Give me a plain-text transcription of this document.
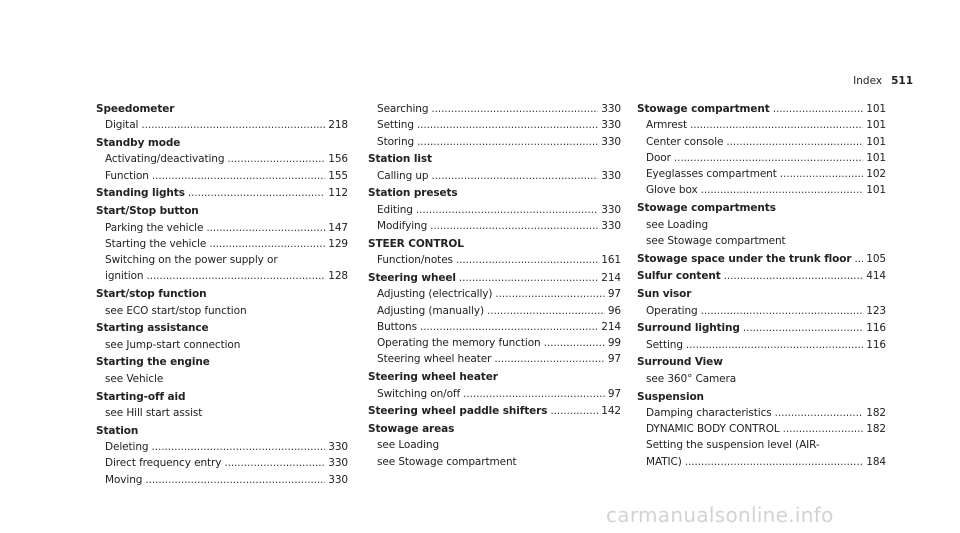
Index 511
Speedometer
Digital .....	218
Standby mode
Activating/deactivating .....	156
Function .....	155
Standing lights .....	112
Start/Stop button
Parking the vehicle .....	147
Starting the vehicle .....	129
Switching on the power supply or
ignition .....	128
Start/stop function
see ECO start/stop function
Starting assistance
see Jump-start connection
Starting the engine
see Vehicle
Starting-off aid
see Hill start assist
Station
Deleting .....	330
Direct frequency entry .....	330
Moving .....	330
Searching .....	330
Setting .....	330
Storing .....	330
Station list
Calling up .....	330
Station presets
Editing .....	330
Modifying .....	330
STEER CONTROL
Function/notes .....	161
Steering wheel .....	214
Adjusting (electrically) .....	97
Adjusting (manually) .....	96
Buttons .....	214
Operating the memory function .....	99
Steering wheel heater .....	97
Steering wheel heater
Switching on/off .....	97
Steering wheel paddle shifters .....	142
Stowage areas
see Loading
see Stowage compartment
Stowage compartment .....	101
Armrest .....	101
Center console .....	101
Door .....	101
Eyeglasses compartment .....	102
Glove box .....	101
Stowage compartments
see Loading
see Stowage compartment
Stowage space under the trunk floor ..... 105
Sulfur content .....	414
Sun visor
Operating .....	123
Surround lighting .....	116
Setting .....	116
Surround View
see 360° Camera
Suspension
Damping characteristics .....	182
DYNAMIC BODY CONTROL .....	182
Setting the suspension level (AIR-
MATIC) .....	184
carmanualsonline.info
